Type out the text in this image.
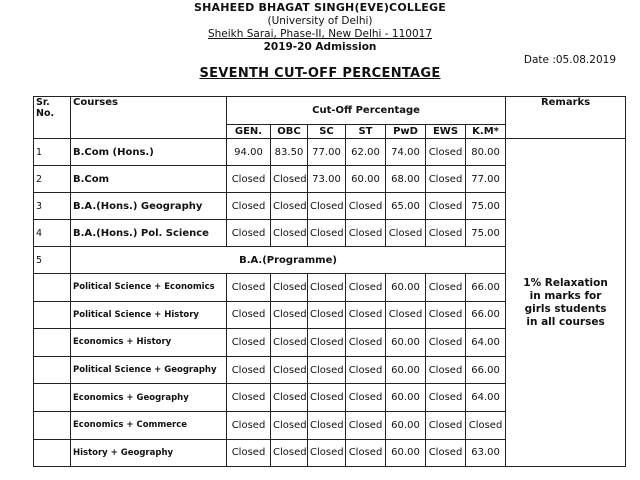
SHAHEED BHAGAT SINGH(EVE)COLLEGE
(University of Delhi)
Sheikh Sarai, Phase-II, New Delhi - 110017
2019-20 Admission
Date :05.08.2019
SEVENTH CUT-OFF PERCENTAGE
Sr. No.	Courses	Cut-Off Percentage							Remarks
		GEN.	OBC	SC	ST	PwD	EWS	K.M*	
1	B.Com (Hons.)	94.00	83.50	77.00	62.00	74.00	Closed	80.00	1% Relaxation in marks for girls students in all courses
2	B.Com	Closed	Closed	73.00	60.00	68.00	Closed	77.00	
3	B.A.(Hons.) Geography	Closed	Closed	Closed	Closed	65.00	Closed	75.00	
4	B.A.(Hons.) Pol. Science	Closed	Closed	Closed	Closed	Closed	Closed	75.00	
5	B.A.(Programme)								
	Political Science + Economics	Closed	Closed	Closed	Closed	60.00	Closed	66.00	
	Political Science + History	Closed	Closed	Closed	Closed	Closed	Closed	66.00	
	Economics + History	Closed	Closed	Closed	Closed	60.00	Closed	64.00	
	Political Science + Geography	Closed	Closed	Closed	Closed	60.00	Closed	66.00	
	Economics + Geography	Closed	Closed	Closed	Closed	60.00	Closed	64.00	
	Economics + Commerce	Closed	Closed	Closed	Closed	60.00	Closed	Closed	
	History + Geography	Closed	Closed	Closed	Closed	60.00	Closed	63.00	
